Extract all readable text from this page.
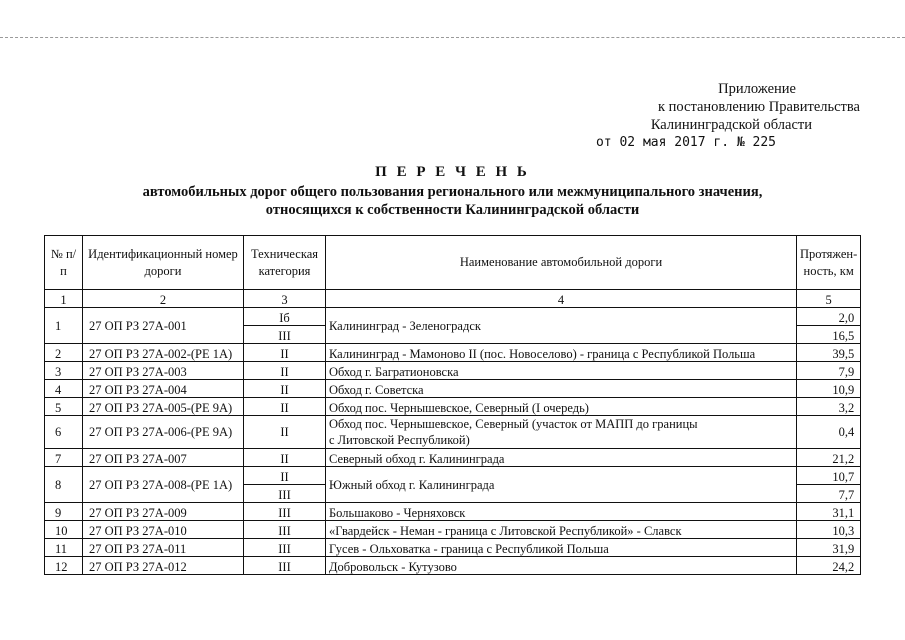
Приложение
к постановлению Правительства
Калининградской области
от 02 мая 2017 г. № 225
П Е Р Е Ч Е Н Ь
автомобильных дорог общего пользования регионального или межмуниципального значения,
относящихся к собственности Калининградской области
№ п/п	Идентификационный номер дороги	Техническая категория	Наименование автомобильной дороги	Протяжен-ность, км
1	2	3	4	5
1	27 ОП РЗ 27А-001	Iб	Калининград - Зеленоградск	2,0
		III		16,5
2	27 ОП РЗ 27А-002-(РЕ 1А)	II	Калининград - Мамоново II (пос. Новоселово) - граница с Республикой Польша	39,5
3	27 ОП РЗ 27А-003	II	Обход г. Багратионовска	7,9
4	27 ОП РЗ 27А-004	II	Обход г. Советска	10,9
5	27 ОП РЗ 27А-005-(РЕ 9А)	II	Обход пос. Чернышевское, Северный (I очередь)	3,2
6	27 ОП РЗ 27А-006-(РЕ 9А)	II	Обход пос. Чернышевское, Северный (участок от МАПП до границы
с Литовской Республикой)	0,4
7	27 ОП РЗ 27А-007	II	Северный обход г. Калининграда	21,2
8	27 ОП РЗ 27А-008-(РЕ 1А)	II	Южный обход г. Калининграда	10,7
		III		7,7
9	27 ОП РЗ 27А-009	III	Большаково - Черняховск	31,1
10	27 ОП РЗ 27А-010	III	«Гвардейск - Неман - граница с Литовской Республикой» - Славск	10,3
11	27 ОП РЗ 27А-011	III	Гусев - Ольховатка - граница с Республикой Польша	31,9
12	27 ОП РЗ 27А-012	III	Добровольск - Кутузово	24,2
